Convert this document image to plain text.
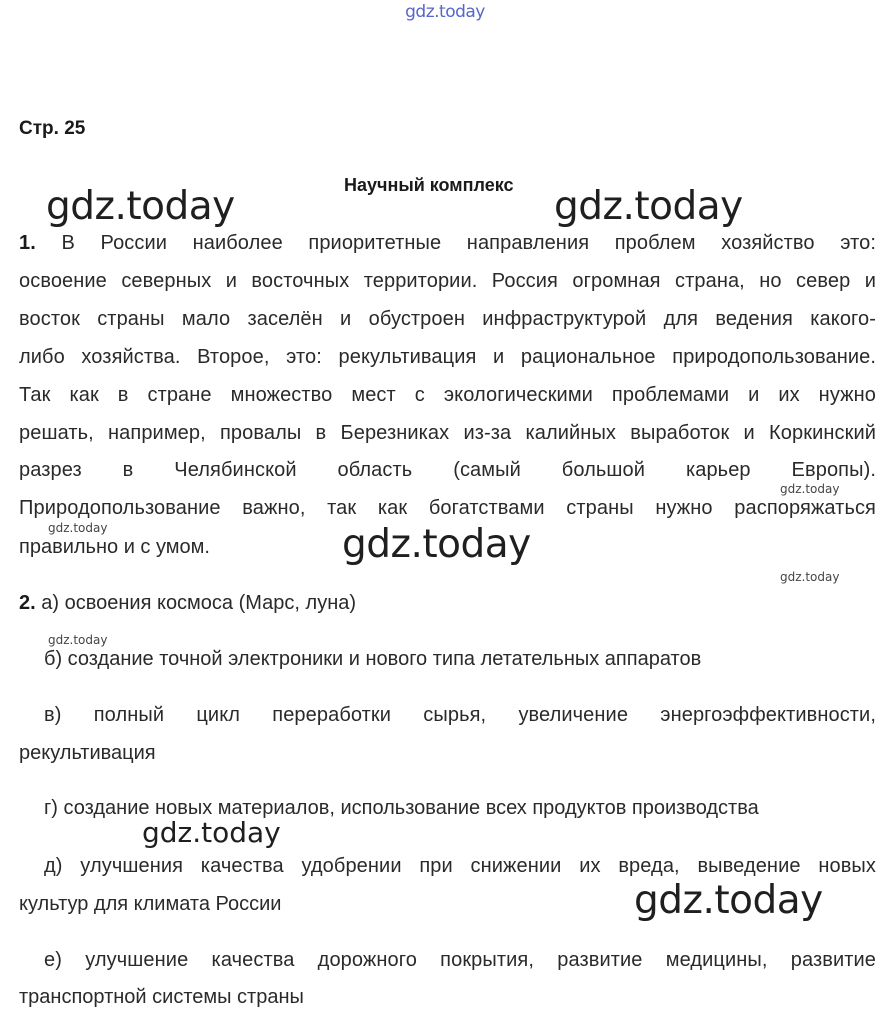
gdz.today
Стр. 25
Научный комплекс
gdz.today	gdz.today
1. В России наиболее приоритетные направления проблем хозяйство это:
освоение северных и восточных территории. Россия огромная страна, но север и
восток страны мало заселён и обустроен инфраструктурой для ведения какого-
либо хозяйства. Второе, это: рекультивация и рациональное природопользование.
Так как в стране множество мест с экологическими проблемами и их нужно
решать, например, провалы в Березниках из-за калийных выработок и Коркинский
разрез в Челябинской область (самый большой карьер Европы).
gdz.today
Природопользование важно, так как богатствами страны нужно распоряжаться
gdz.today
правильно и с умом.	gdz.today
gdz.today
2. а) освоения космоса (Марс, луна)
gdz.today
б) создание точной электроники и нового типа летательных аппаратов
в) полный цикл переработки сырья, увеличение энергоэффективности,
рекультивация
г) создание новых материалов, использование всех продуктов производства
gdz.today
д) улучшения качества удобрении при снижении их вреда, выведение новых
культур для климата России	gdz.today
е) улучшение качества дорожного покрытия, развитие медицины, развитие
транспортной системы страны
